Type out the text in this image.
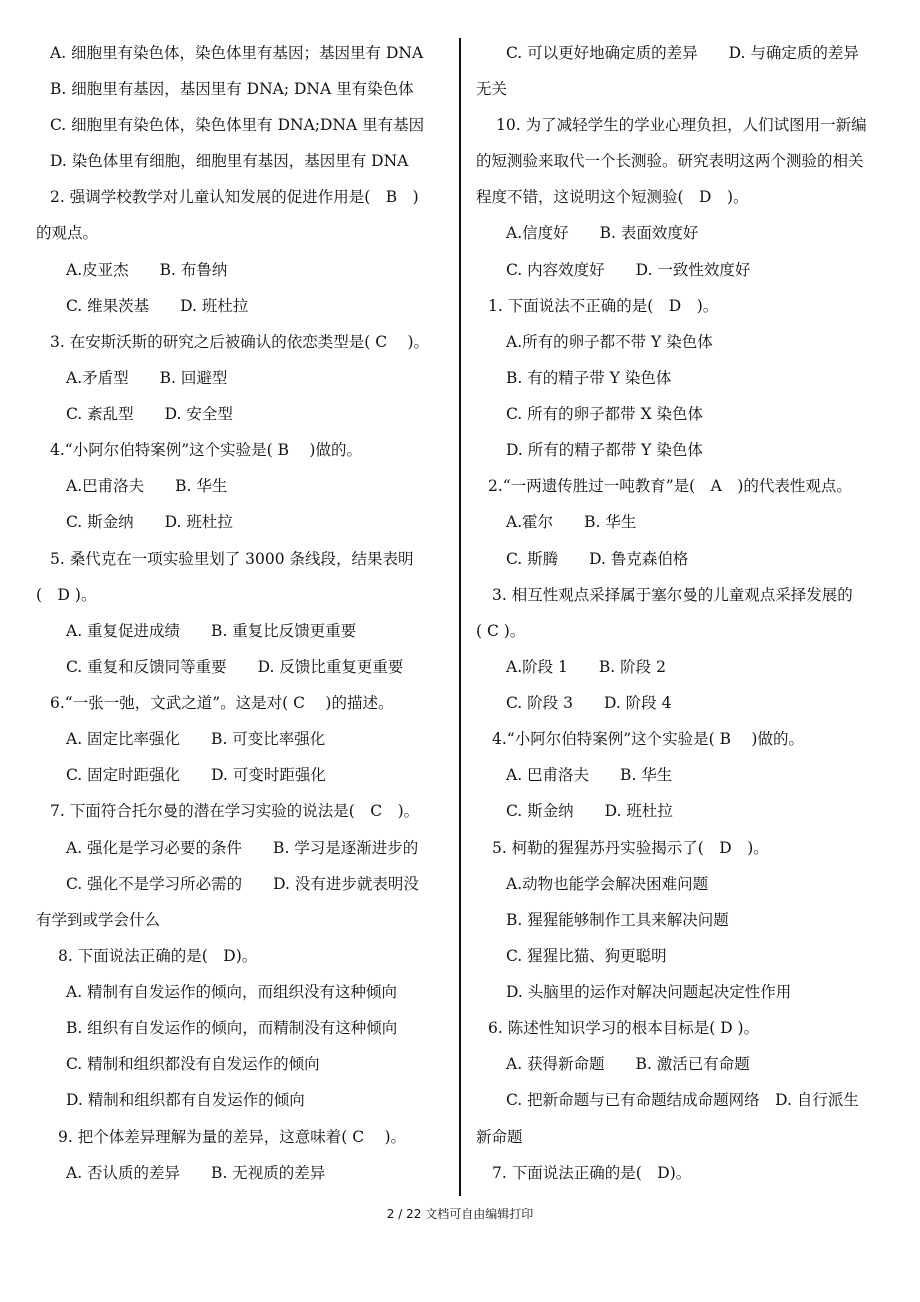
A. 细胞里有染色体，染色体里有基因；基因里有 DNA
B. 细胞里有基因，基因里有 DNA; DNA 里有染色体
C. 细胞里有染色体，染色体里有 DNA;DNA 里有基因
D. 染色体里有细胞，细胞里有基因，基因里有 DNA
2. 强调学校教学对儿童认知发展的促进作用是(　B　)
的观点。
A.皮亚杰　　B. 布鲁纳
C. 维果茨基　　D. 班杜拉
3. 在安斯沃斯的研究之后被确认的依恋类型是( C　 )。
A.矛盾型　　B. 回避型
C. 紊乱型　　D. 安全型
4.“小阿尔伯特案例”这个实验是( B　 )做的。
A.巴甫洛夫　　B. 华生
C. 斯金纳　　D. 班杜拉
5. 桑代克在一项实验里划了 3000 条线段，结果表明
(　D )。
A. 重复促进成绩　　B. 重复比反馈更重要
C. 重复和反馈同等重要　　D. 反馈比重复更重要
6.“一张一弛，文武之道”。这是对( C　 )的描述。
A. 固定比率强化　　B. 可变比率强化
C. 固定时距强化　　D. 可变时距强化
7. 下面符合托尔曼的潜在学习实验的说法是(　C　)。
A. 强化是学习必要的条件　　B. 学习是逐渐进步的
C. 强化不是学习所必需的　　D. 没有进步就表明没
有学到或学会什么
8. 下面说法正确的是(　D)。
A. 精制有自发运作的倾向，而组织没有这种倾向
B. 组织有自发运作的倾向，而精制没有这种倾向
C. 精制和组织都没有自发运作的倾向
D. 精制和组织都有自发运作的倾向
9. 把个体差异理解为量的差异，这意味着( C　 )。
A. 否认质的差异　　B. 无视质的差异
C. 可以更好地确定质的差异　　D. 与确定质的差异
无关
10. 为了减轻学生的学业心理负担，人们试图用一新编
的短测验来取代一个长测验。研究表明这两个测验的相关
程度不错，这说明这个短测验(　D　)。
A.信度好　　B. 表面效度好
C. 内容效度好　　D. 一致性效度好
1. 下面说法不正确的是(　D　)。
A.所有的卵子都不带 Y 染色体
B. 有的精子带 Y 染色体
C. 所有的卵子都带 X 染色体
D. 所有的精子都带 Y 染色体
2.“一两遗传胜过一吨教育”是(　A　)的代表性观点。
A.霍尔　　B. 华生
C. 斯腾　　D. 鲁克森伯格
3. 相互性观点采择属于塞尔曼的儿童观点采择发展的
( C )。
A.阶段 1　　B. 阶段 2
C. 阶段 3　　D. 阶段 4
4.“小阿尔伯特案例”这个实验是( B　 )做的。
A. 巴甫洛夫　　B. 华生
C. 斯金纳　　D. 班杜拉
5. 柯勒的猩猩苏丹实验揭示了(　D　)。
A.动物也能学会解决困难问题
B. 猩猩能够制作工具来解决问题
C. 猩猩比猫、狗更聪明
D. 头脑里的运作对解决问题起决定性作用
6. 陈述性知识学习的根本目标是( D )。
A. 获得新命题　　B. 激活已有命题
C. 把新命题与已有命题结成命题网络　D. 自行派生
新命题
7. 下面说法正确的是(　D)。
2 / 22 文档可自由编辑打印
